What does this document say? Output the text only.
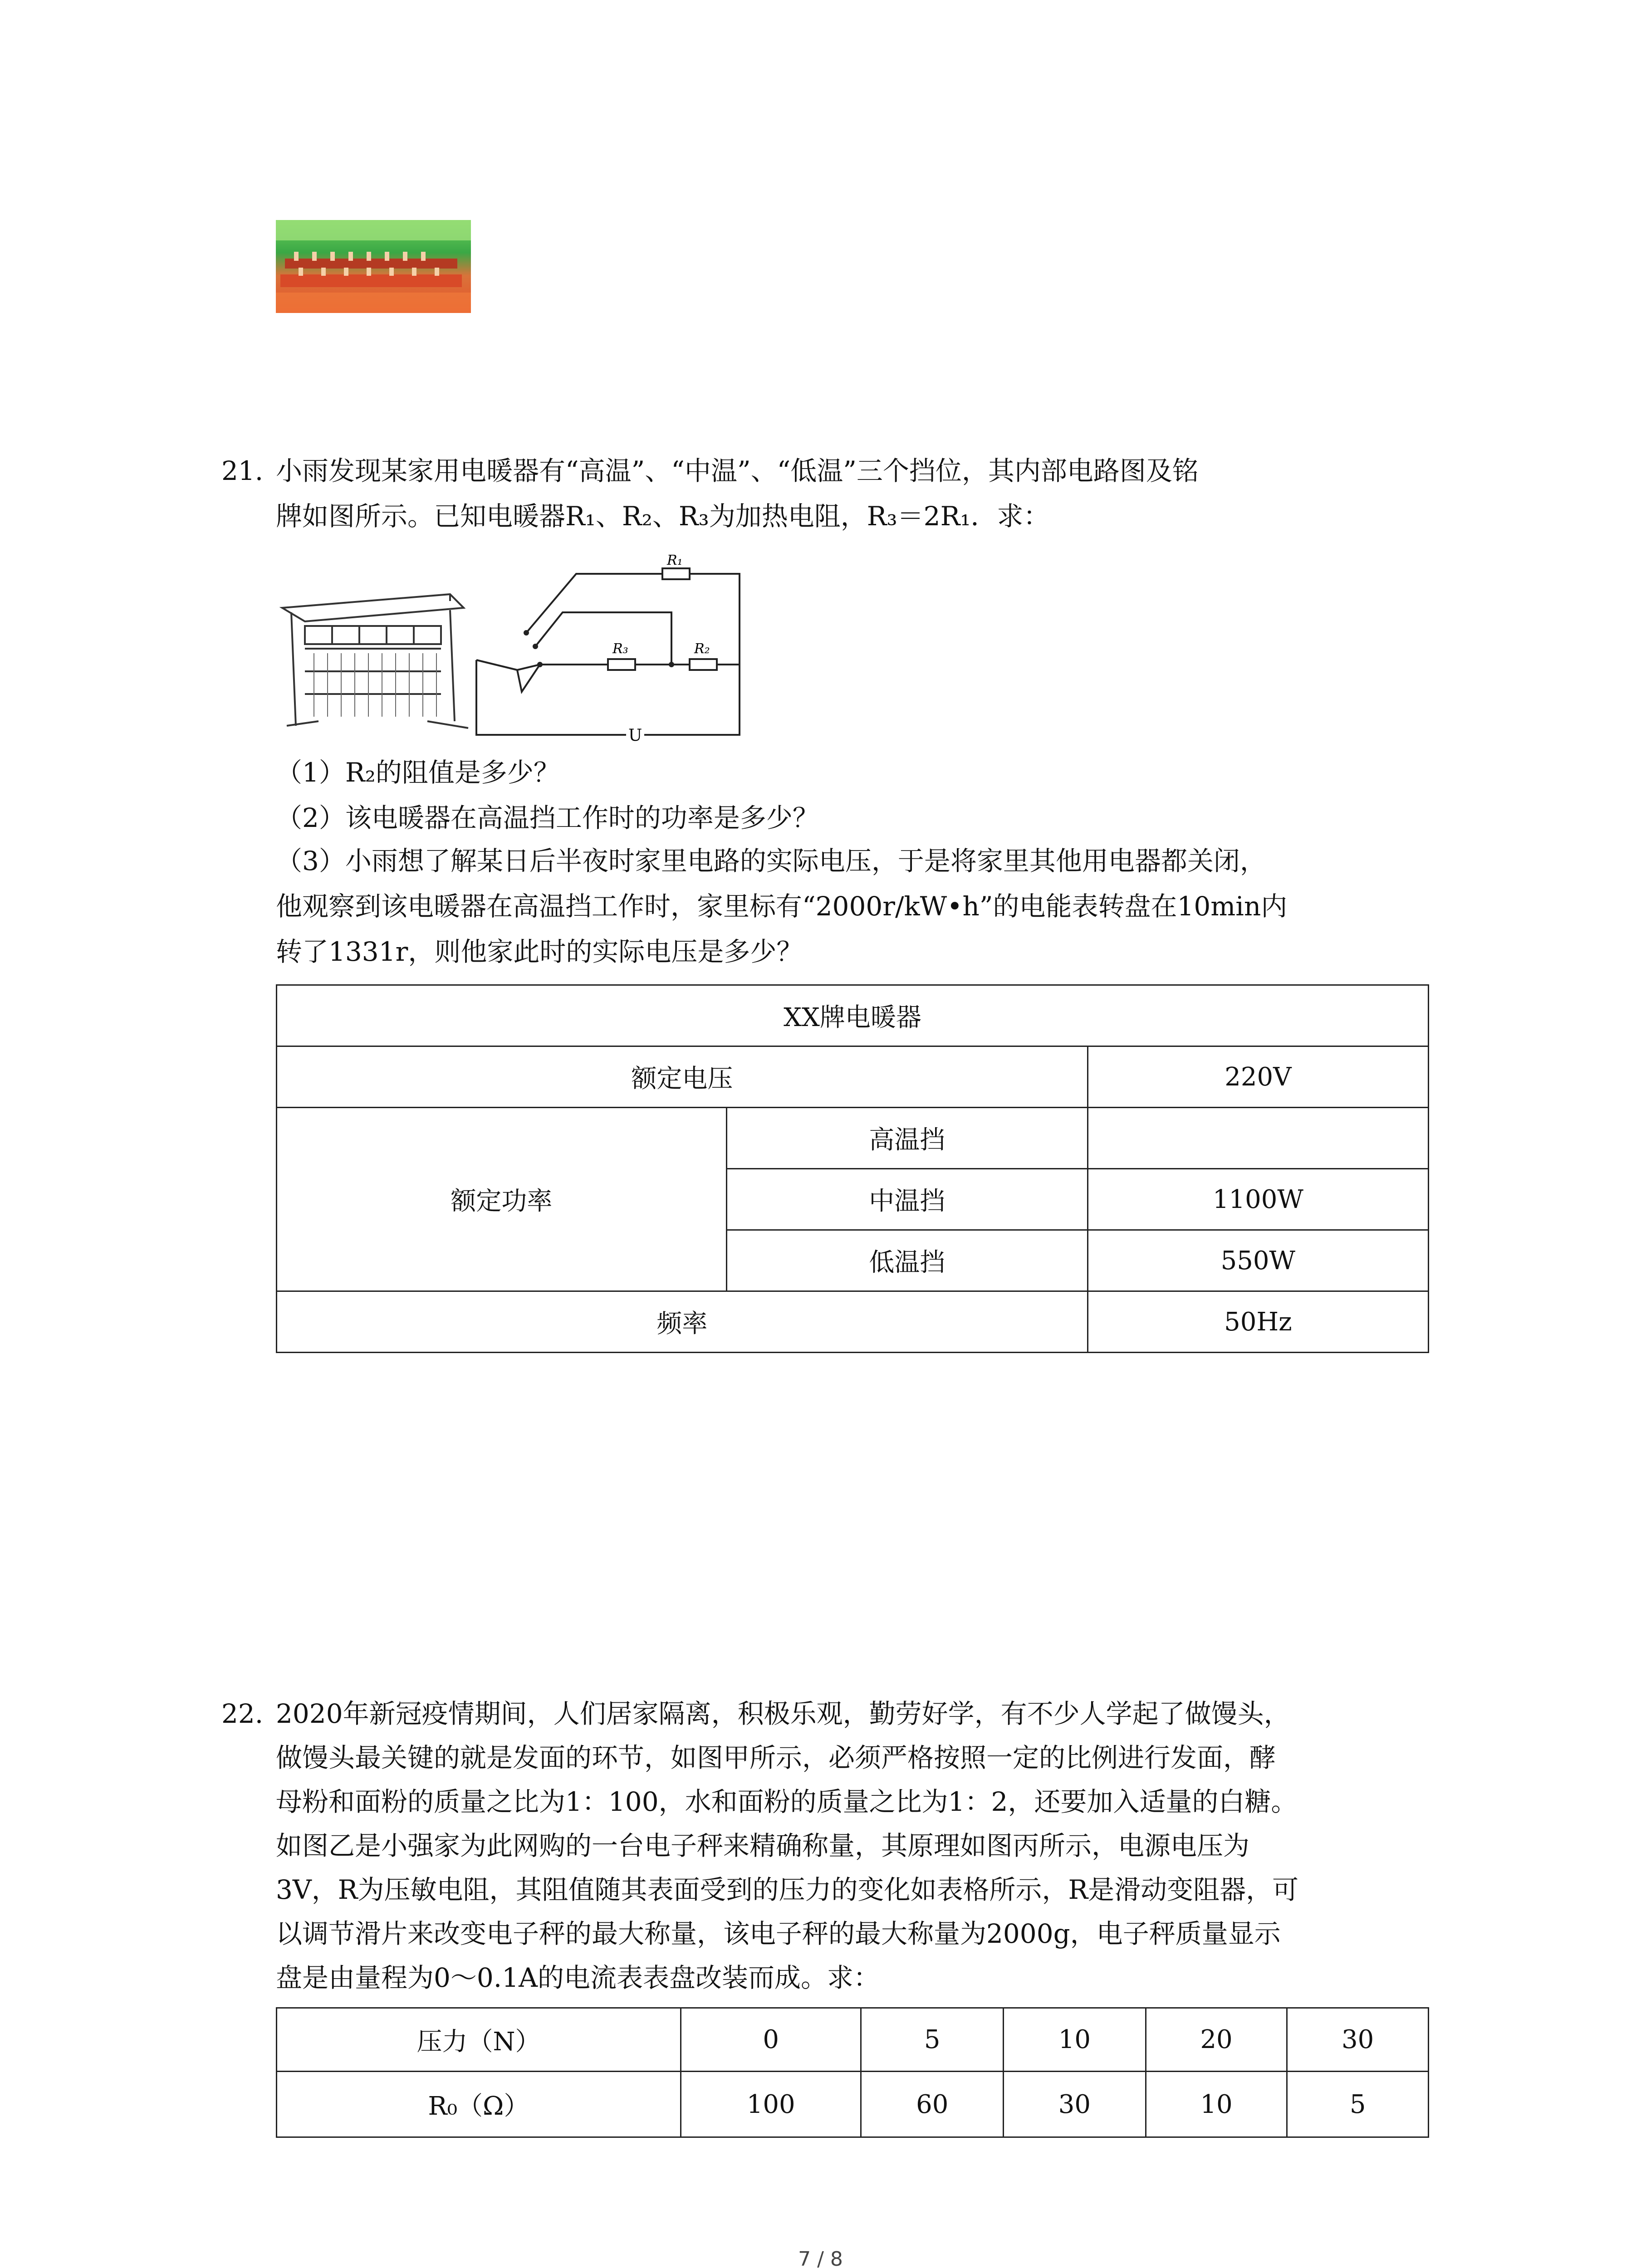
21. 小雨发现某家用电暖器有“高温”、“中温”、“低温”三个挡位，其内部电路图及铭
牌如图所示。已知电暖器R₁、R₂、R₃为加热电阻，R₃＝2R₁．求：
R₁
R₃	R₂
U
（1）R₂的阻值是多少？
（2）该电暖器在高温挡工作时的功率是多少？
（3）小雨想了解某日后半夜时家里电路的实际电压，于是将家里其他用电器都关闭，
他观察到该电暖器在高温挡工作时，家里标有“2000r/kW•h”的电能表转盘在10min内
转了1331r，则他家此时的实际电压是多少？
XX牌电暖器		
额定电压		220V
额定功率	高温挡	
	中温挡	1100W
	低温挡	550W
频率		50Hz
22. 2020年新冠疫情期间，人们居家隔离，积极乐观，勤劳好学，有不少人学起了做馒头，
做馒头最关键的就是发面的环节，如图甲所示，必须严格按照一定的比例进行发面，酵
母粉和面粉的质量之比为1：100，水和面粉的质量之比为1：2，还要加入适量的白糖。
如图乙是小强家为此网购的一台电子秤来精确称量，其原理如图丙所示，电源电压为
3V，R为压敏电阻，其阻值随其表面受到的压力的变化如表格所示，R是滑动变阻器，可
以调节滑片来改变电子秤的最大称量，该电子秤的最大称量为2000g，电子秤质量显示
盘是由量程为0～0.1A的电流表表盘改装而成。求：
压力（N）	0	5	10	20	30
R₀（Ω）	100	60	30	10	5
7 / 8
